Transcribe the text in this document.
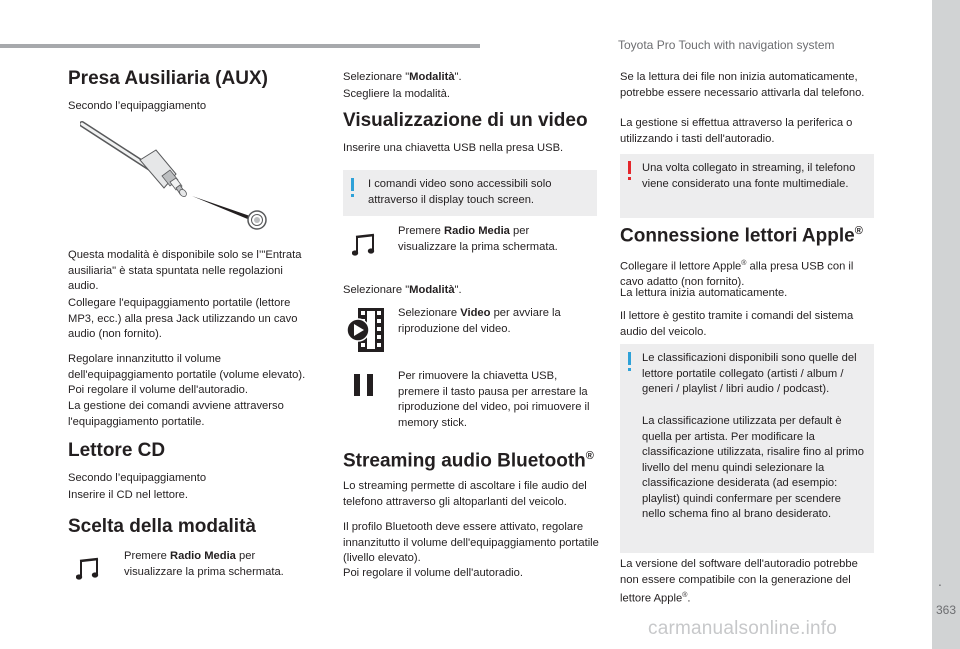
Toyota Pro Touch with navigation system
.
363
carmanualsonline.info
Presa Ausiliaria (AUX)

Secondo l’equipaggiamento

Questa modalità è disponibile solo se l’"Entrata ausiliaria" è stata spuntata nelle regolazioni audio.

Collegare l'equipaggiamento portatile (lettore MP3, ecc.) alla presa Jack utilizzando un cavo audio (non fornito).

Regolare innanzitutto il volume dell'equipaggiamento portatile (volume elevato). Poi regolare il volume dell'autoradio.

La gestione dei comandi avviene attraverso l'equipaggiamento portatile.

Lettore CD

Secondo l’equipaggiamento

Inserire il CD nel lettore.

Scelta della modalità

Premere Radio Media per visualizzare la prima schermata.

Selezionare "Modalità".

Scegliere la modalità.

Visualizzazione di un video

Inserire una chiavetta USB nella presa USB.

I comandi video sono accessibili solo attraverso il display touch screen.

Premere Radio Media per visualizzare la prima schermata.

Selezionare "Modalità".

Selezionare Video per avviare la riproduzione del video.

Per rimuovere la chiavetta USB, premere il tasto pausa per arrestare la riproduzione del video, poi rimuovere il memory stick.

Streaming audio Bluetooth®

Lo streaming permette di ascoltare i file audio del telefono attraverso gli altoparlanti del veicolo.

Il profilo Bluetooth deve essere attivato, regolare innanzitutto il volume dell'equipaggiamento portatile (livello elevato).

Poi regolare il volume dell'autoradio.

Se la lettura dei file non inizia automaticamente, potrebbe essere necessario attivarla dal telefono.

La gestione si effettua attraverso la periferica o utilizzando i tasti dell'autoradio.

Una volta collegato in streaming, il telefono viene considerato una fonte multimediale.

Connessione lettori Apple®

Collegare il lettore Apple® alla presa USB con il cavo adatto (non fornito).

La lettura inizia automaticamente.

Il lettore è gestito tramite i comandi del sistema audio del veicolo.

Le classificazioni disponibili sono quelle del lettore portatile collegato (artisti / album / generi / playlist / libri audio / podcast).

La classificazione utilizzata per default è quella per artista. Per modificare la classificazione utilizzata, risalire fino al primo livello del menu quindi selezionare la classificazione desiderata (ad esempio: playlist) quindi confermare per scendere nello schema fino al brano desiderato.

La versione del software dell'autoradio potrebbe non essere compatibile con la generazione del lettore Apple®.
